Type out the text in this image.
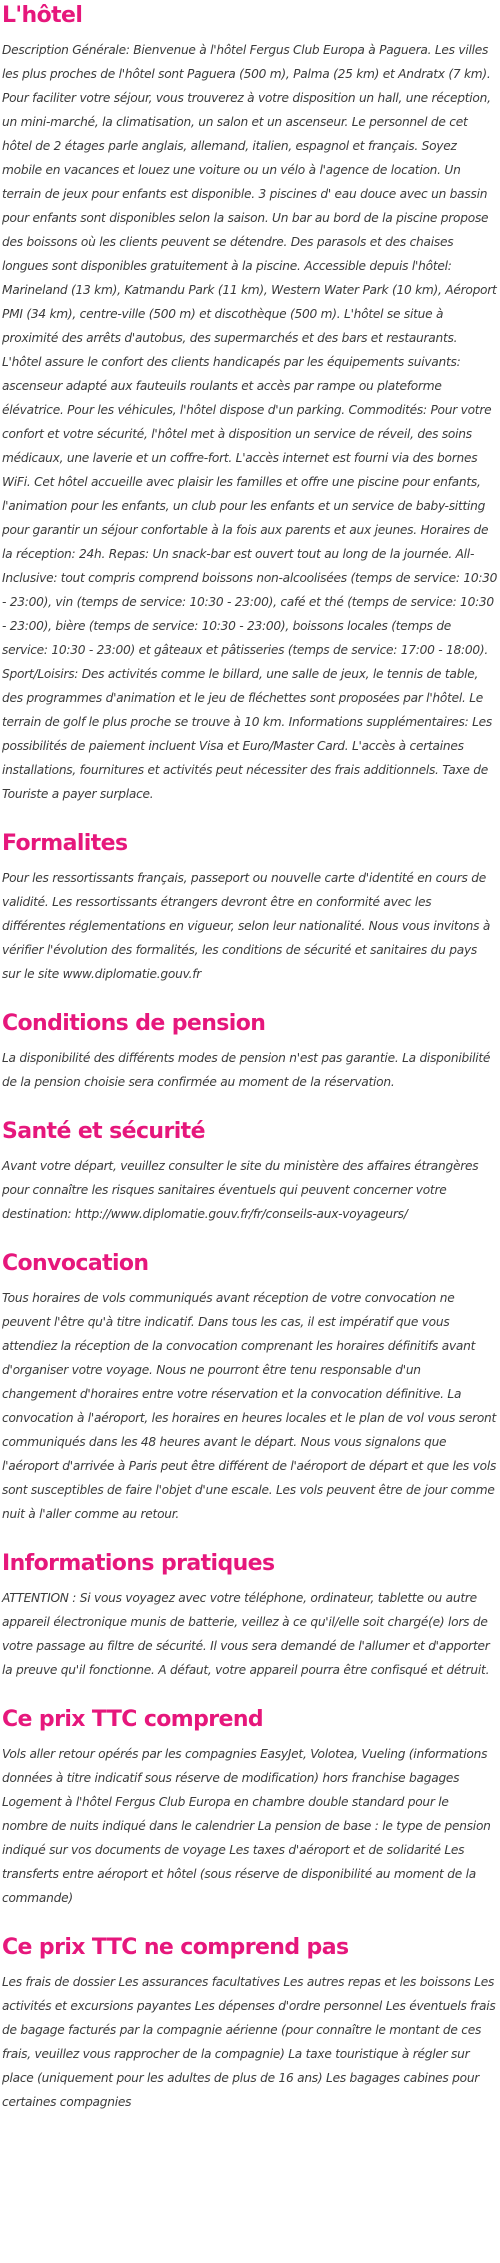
L'hôtel

Description Générale: Bienvenue à l'hôtel Fergus Club Europa à Paguera. Les villes les plus proches de l'hôtel sont Paguera (500 m), Palma (25 km) et Andratx (7 km). Pour faciliter votre séjour, vous trouverez à votre disposition un hall, une réception, un mini-marché, la climatisation, un salon et un ascenseur. Le personnel de cet hôtel de 2 étages parle anglais, allemand, italien, espagnol et français. Soyez mobile en vacances et louez une voiture ou un vélo à l'agence de location. Un terrain de jeux pour enfants est disponible. 3 piscines d' eau douce avec un bassin pour enfants sont disponibles selon la saison. Un bar au bord de la piscine propose des boissons où les clients peuvent se détendre. Des parasols et des chaises longues sont disponibles gratuitement à la piscine. Accessible depuis l'hôtel: Marineland (13 km), Katmandu Park (11 km), Western Water Park (10 km), Aéroport PMI (34 km), centre-ville (500 m) et discothèque (500 m). L'hôtel se situe à proximité des arrêts d'autobus, des supermarchés et des bars et restaurants. L'hôtel assure le confort des clients handicapés par les équipements suivants: ascenseur adapté aux fauteuils roulants et accès par rampe ou plateforme élévatrice. Pour les véhicules, l'hôtel dispose d'un parking. Commodités: Pour votre confort et votre sécurité, l'hôtel met à disposition un service de réveil, des soins médicaux, une laverie et un coffre-fort. L'accès internet est fourni via des bornes WiFi. Cet hôtel accueille avec plaisir les familles et offre une piscine pour enfants, l'animation pour les enfants, un club pour les enfants et un service de baby-sitting pour garantir un séjour confortable à la fois aux parents et aux jeunes. Horaires de la réception: 24h. Repas: Un snack-bar est ouvert tout au long de la journée. All-Inclusive: tout compris comprend boissons non-alcoolisées (temps de service: 10:30 - 23:00), vin (temps de service: 10:30 - 23:00), café et thé (temps de service: 10:30 - 23:00), bière (temps de service: 10:30 - 23:00), boissons locales (temps de service: 10:30 - 23:00) et gâteaux et pâtisseries (temps de service: 17:00 - 18:00). Sport/Loisirs: Des activités comme le billard, une salle de jeux, le tennis de table, des programmes d'animation et le jeu de fléchettes sont proposées par l'hôtel. Le terrain de golf le plus proche se trouve à 10 km. Informations supplémentaires: Les possibilités de paiement incluent Visa et Euro/Master Card. L'accès à certaines installations, fournitures et activités peut nécessiter des frais additionnels. Taxe de Touriste a payer surplace.

Formalites

Pour les ressortissants français, passeport ou nouvelle carte d'identité en cours de validité. Les ressortissants étrangers devront être en conformité avec les différentes réglementations en vigueur, selon leur nationalité. Nous vous invitons à vérifier l'évolution des formalités, les conditions de sécurité et sanitaires du pays sur le site www.diplomatie.gouv.fr

Conditions de pension

La disponibilité des différents modes de pension n'est pas garantie. La disponibilité de la pension choisie sera confirmée au moment de la réservation.

Santé et sécurité

Avant votre départ, veuillez consulter le site du ministère des affaires étrangères pour connaître les risques sanitaires éventuels qui peuvent concerner votre destination: http://www.diplomatie.gouv.fr/fr/conseils-aux-voyageurs/

Convocation

Tous horaires de vols communiqués avant réception de votre convocation ne peuvent l'être qu'à titre indicatif. Dans tous les cas, il est impératif que vous attendiez la réception de la convocation comprenant les horaires définitifs avant d'organiser votre voyage. Nous ne pourront être tenu responsable d'un changement d'horaires entre votre réservation et la convocation définitive. La convocation à l'aéroport, les horaires en heures locales et le plan de vol vous seront communiqués dans les 48 heures avant le départ. Nous vous signalons que l'aéroport d'arrivée à Paris peut être différent de l'aéroport de départ et que les vols sont susceptibles de faire l'objet d'une escale. Les vols peuvent être de jour comme nuit à l'aller comme au retour.

Informations pratiques

ATTENTION : Si vous voyagez avec votre téléphone, ordinateur, tablette ou autre appareil électronique munis de batterie, veillez à ce qu'il/elle soit chargé(e) lors de votre passage au filtre de sécurité. Il vous sera demandé de l'allumer et d'apporter la preuve qu'il fonctionne. A défaut, votre appareil pourra être confisqué et détruit.

Ce prix TTC comprend

Vols aller retour opérés par les compagnies EasyJet, Volotea, Vueling (informations données à titre indicatif sous réserve de modification) hors franchise bagages Logement à l'hôtel Fergus Club Europa en chambre double standard pour le nombre de nuits indiqué dans le calendrier La pension de base : le type de pension indiqué sur vos documents de voyage Les taxes d'aéroport et de solidarité Les transferts entre aéroport et hôtel (sous réserve de disponibilité au moment de la commande)

Ce prix TTC ne comprend pas

Les frais de dossier Les assurances facultatives Les autres repas et les boissons Les activités et excursions payantes Les dépenses d'ordre personnel Les éventuels frais de bagage facturés par la compagnie aérienne (pour connaître le montant de ces frais, veuillez vous rapprocher de la compagnie) La taxe touristique à régler sur place (uniquement pour les adultes de plus de 16 ans) Les bagages cabines pour certaines compagnies
